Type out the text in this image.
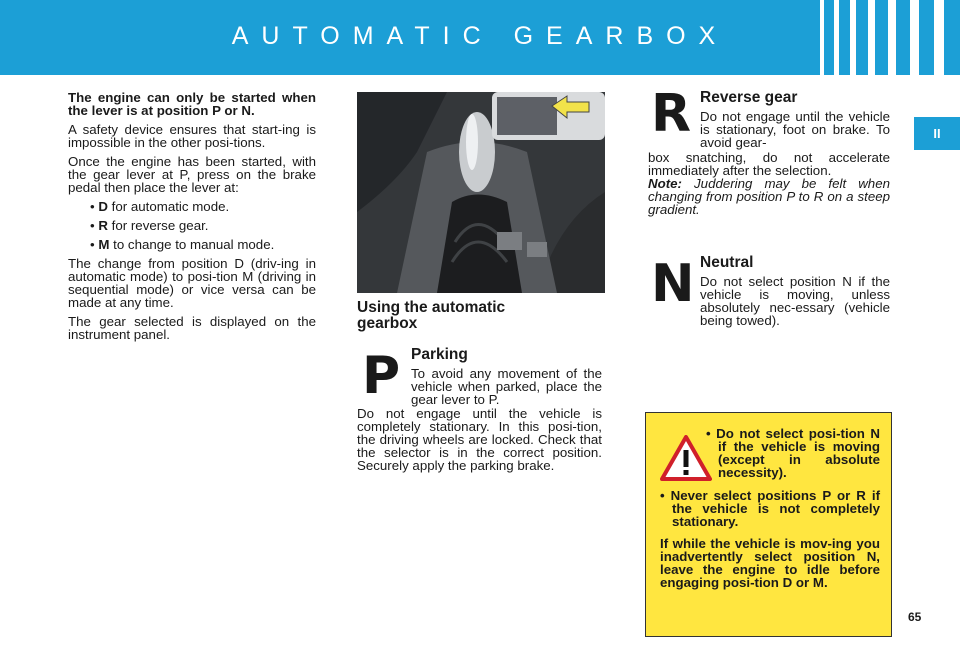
AUTOMATIC GEARBOX
II

The engine can only be started when the lever is at position P or N.

A safety device ensures that start-ing is impossible in the other posi-tions.

Once the engine has been started, with the gear lever at P, press on the brake pedal then place the lever at:

• D for automatic mode.
• R for reverse gear.
• M to change to manual mode.

The change from position D (driv-ing in automatic mode) to posi-tion M (driving in sequential mode) or vice versa can be made at any time.

The gear selected is displayed on the instrument panel.

Using the automatic gearbox

P Parking

To avoid any movement of the vehicle when parked, place the gear lever to P.

Do not engage until the vehicle is completely stationary. In this posi-tion, the driving wheels are locked. Check that the selector is in the correct position. Securely apply the parking brake.

R Reverse gear

Do not engage until the vehicle is stationary, foot on brake. To avoid gear-

box snatching, do not accelerate immediately after the selection.

Note: Juddering may be felt when changing from position P to R on a steep gradient.

N Neutral

Do not select position N if the vehicle is moving, unless absolutely nec-essary (vehicle being towed).

• Do not select posi-tion N if the vehicle is moving (except in absolute necessity).

• Never select positions P or R if the vehicle is not completely stationary.

If while the vehicle is mov-ing you inadvertently select position N, leave the engine to idle before engaging posi-tion D or M.

65
